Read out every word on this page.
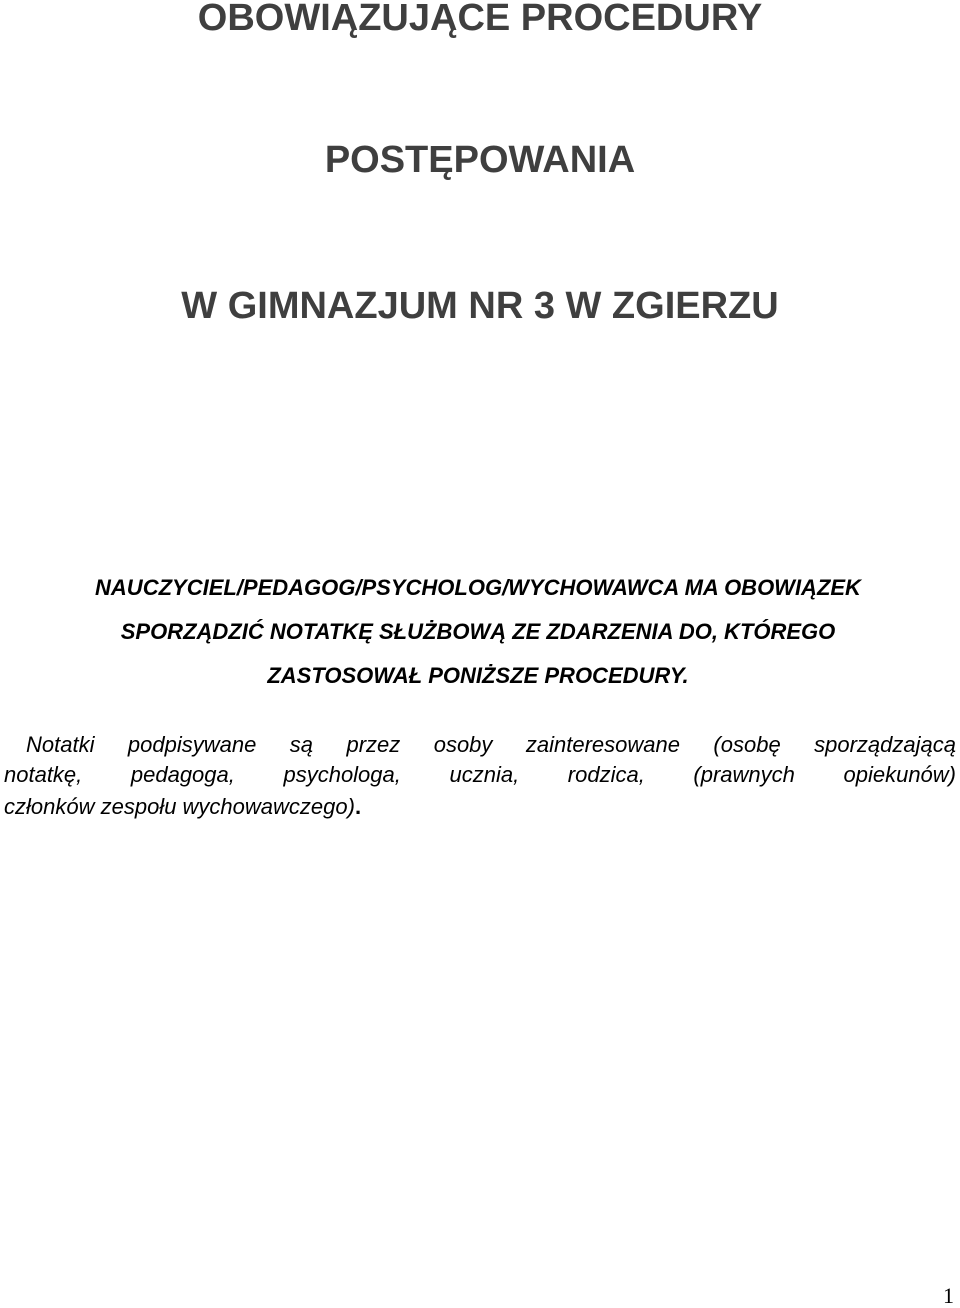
OBOWIĄZUJĄCE PROCEDURY
POSTĘPOWANIA
W GIMNAZJUM NR 3 W ZGIERZU
NAUCZYCIEL/PEDAGOG/PSYCHOLOG/WYCHOWAWCA MA OBOWIĄZEK
SPORZĄDZIĆ NOTATKĘ SŁUŻBOWĄ ZE ZDARZENIA DO, KTÓREGO
ZASTOSOWAŁ PONIŻSZE PROCEDURY.
Notatki podpisywane są przez osoby zainteresowane (osobę sporządzającą
notatkę, pedagoga, psychologa, ucznia, rodzica, (prawnych opiekunów)
członków zespołu wychowawczego).
1
